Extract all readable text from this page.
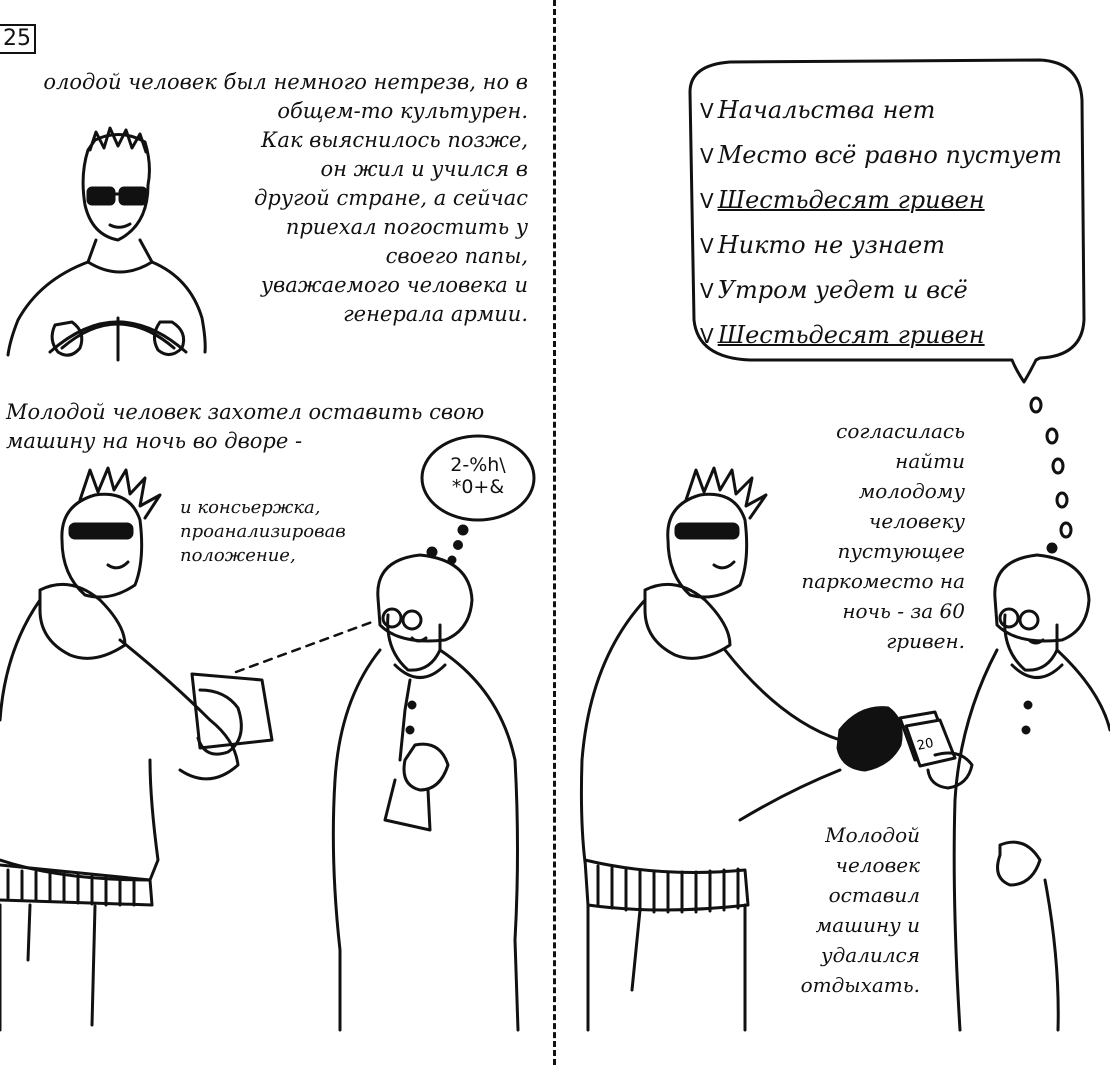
25
олодой человек был немного нетрезв, но в
общем-то культурен.
Как выяснилось позже,
он жил и учился в
другой стране, а сейчас
приехал погостить у
своего папы,
уважаемого человека и
генерала армии.
Молодой человек захотел оставить свою
машину на ночь во дворе -
и консьержка,
проанализировав
положение,
2-%h\
*0+&
V Начальства нет
V Место всё равно пустует
V Шестьдесят гривен
V Никто не узнает
V Утром уедет и всё
V Шестьдесят гривен
согласилась
найти
молодому
человеку
пустующее
паркоместо на
ночь - за 60
гривен.
Молодой
человек
оставил
машину и
удалился
отдыхать.
20
